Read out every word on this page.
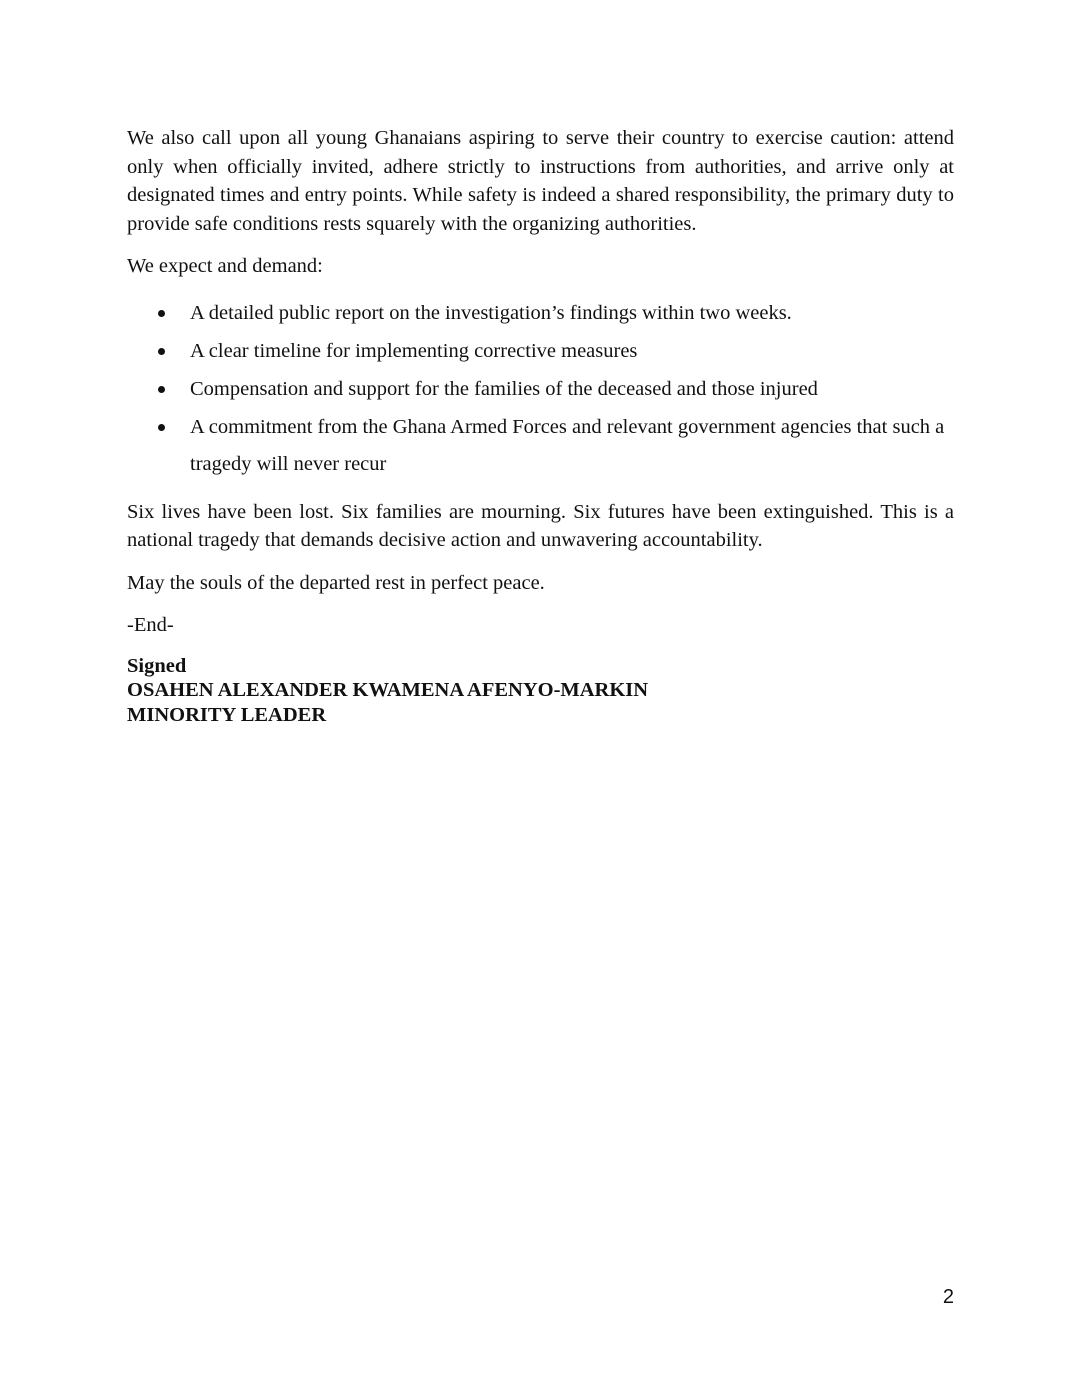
We also call upon all young Ghanaians aspiring to serve their country to exercise caution: attend only when officially invited, adhere strictly to instructions from authorities, and arrive only at designated times and entry points. While safety is indeed a shared responsibility, the primary duty to provide safe conditions rests squarely with the organizing authorities.

We expect and demand:

A detailed public report on the investigation’s findings within two weeks.
A clear timeline for implementing corrective measures
Compensation and support for the families of the deceased and those injured
A commitment from the Ghana Armed Forces and relevant government agencies that such a tragedy will never recur

Six lives have been lost. Six families are mourning. Six futures have been extinguished. This is a national tragedy that demands decisive action and unwavering accountability.

May the souls of the departed rest in perfect peace.

-End-

Signed
OSAHEN ALEXANDER KWAMENA AFENYO-MARKIN
MINORITY LEADER
2
